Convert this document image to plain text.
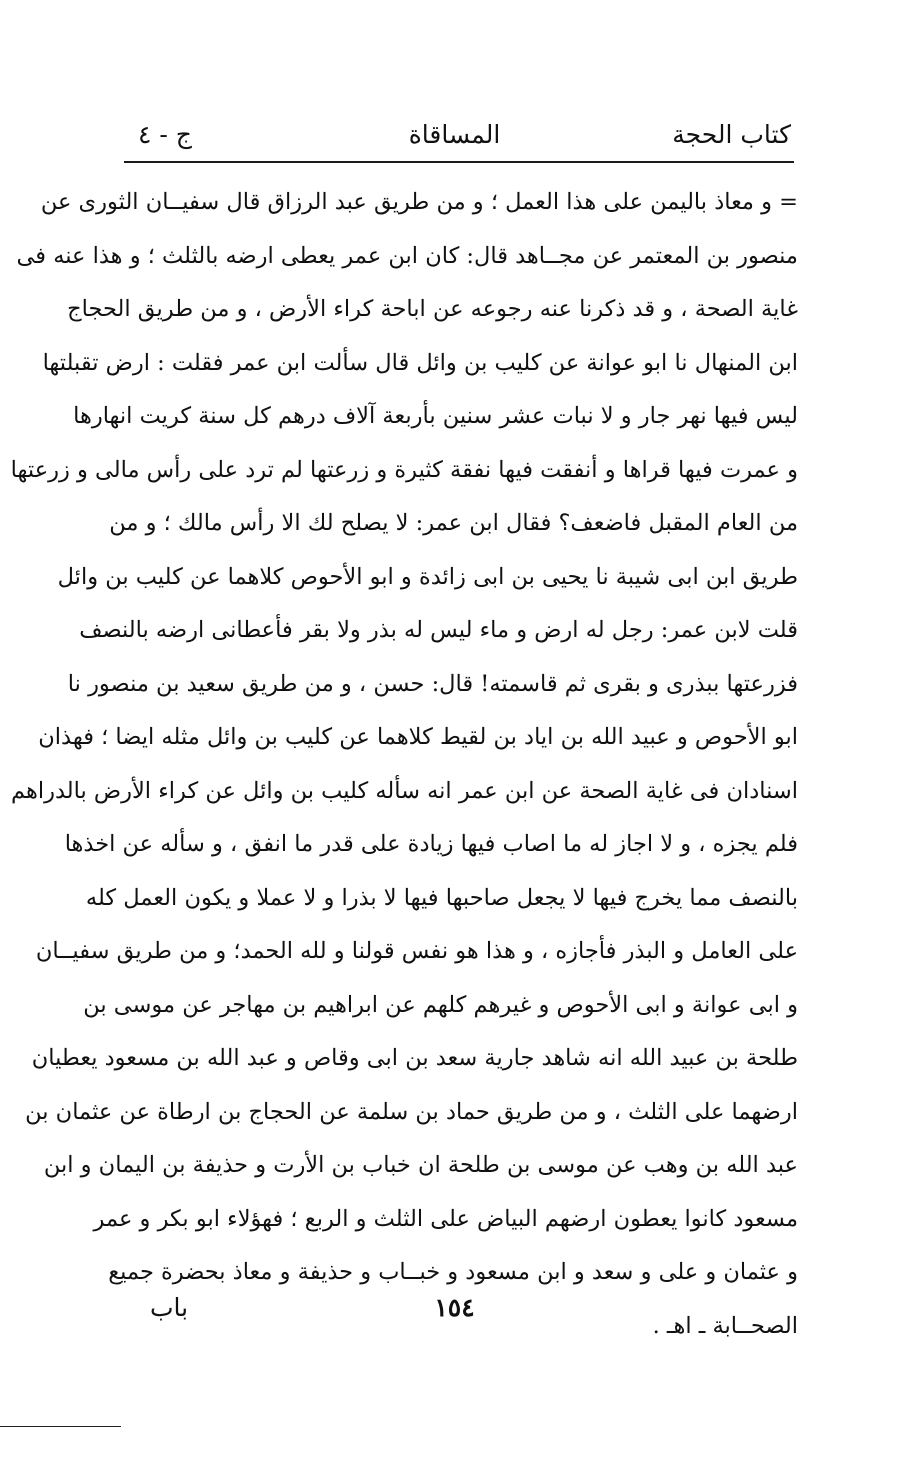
كتاب الحجة
المساقاة
ج - ٤
= و معاذ باليمن على هذا العمل ؛ و من طريق عبد الرزاق قال سفيــان الثورى عن
منصور بن المعتمر عن مجــاهد قال: كان ابن عمر يعطى ارضه بالثلث ؛ و هذا عنه فى
غاية الصحة ، و قد ذكرنا عنه رجوعه عن اباحة كراء الأرض ، و من طريق الحجاج
ابن المنهال نا ابو عوانة عن كليب بن وائل قال سألت ابن عمر فقلت : ارض تقبلتها
ليس فيها نهر جار و لا نبات عشر سنين بأربعة آلاف درهم كل سنة كريت انهارها
و عمرت فيها قراها و أنفقت فيها نفقة كثيرة و زرعتها لم ترد على رأس مالى و زرعتها
من العام المقبل فاضعف؟ فقال ابن عمر: لا يصلح لك الا رأس مالك ؛ و من
طريق ابن ابى شيبة نا يحيى بن ابى زائدة و ابو الأحوص كلاهما عن كليب بن وائل
قلت لابن عمر: رجل له ارض و ماء ليس له بذر ولا بقر فأعطانى ارضه بالنصف
فزرعتها ببذرى و بقرى ثم قاسمته! قال: حسن ، و من طريق سعيد بن منصور نا
ابو الأحوص و عبيد الله بن اياد بن لقيط كلاهما عن كليب بن وائل مثله ايضا ؛ فهذان
اسنادان فى غاية الصحة عن ابن عمر انه سأله كليب بن وائل عن كراء الأرض بالدراهم
فلم يجزه ، و لا اجاز له ما اصاب فيها زيادة على قدر ما انفق ، و سأله عن اخذها
بالنصف مما يخرج فيها لا يجعل صاحبها فيها لا بذرا و لا عملا و يكون العمل كله
على العامل و البذر فأجازه ، و هذا هو نفس قولنا و لله الحمد؛ و من طريق سفيــان
و ابى عوانة و ابى الأحوص و غيرهم كلهم عن ابراهيم بن مهاجر عن موسى بن
طلحة بن عبيد الله انه شاهد جارية سعد بن ابى وقاص و عبد الله بن مسعود يعطيان
ارضهما على الثلث ، و من طريق حماد بن سلمة عن الحجاج بن ارطاة عن عثمان بن
عبد الله بن وهب عن موسى بن طلحة ان خباب بن الأرت و حذيفة بن اليمان و ابن
مسعود كانوا يعطون ارضهم البياض على الثلث و الربع ؛ فهؤلاء ابو بكر و عمر
و عثمان و على و سعد و ابن مسعود و خبــاب و حذيفة و معاذ بحضرة جميع
الصحــابة ـ اهـ .
باب	١٥٤
